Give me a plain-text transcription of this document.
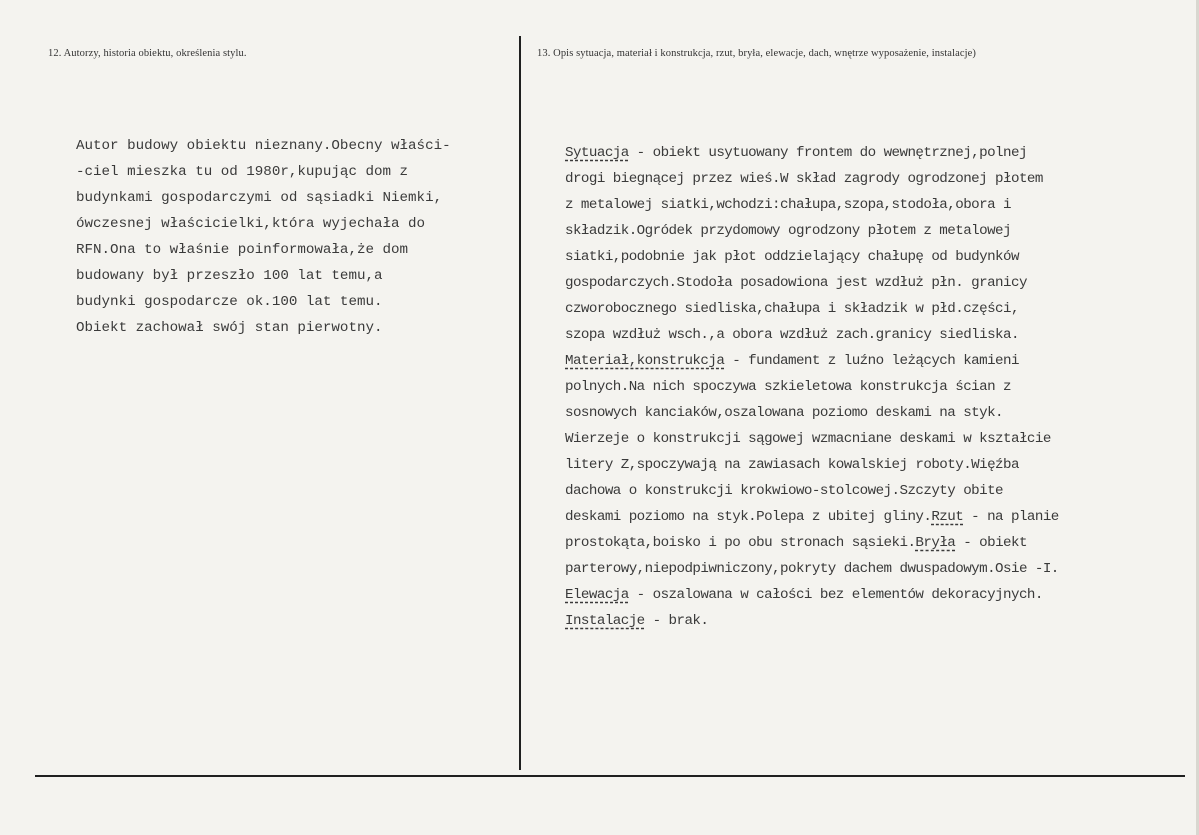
12. Autorzy, historia obiektu, określenia stylu.	13. Opis sytuacja, materiał i konstrukcja, rzut, bryła, elewacje, dach, wnętrze wyposażenie, instalacje)
Autor budowy obiektu nieznany.Obecny właści-
-ciel mieszka tu od 1980r,kupując dom z
budynkami gospodarczymi od sąsiadki Niemki,
ówczesnej właścicielki,która wyjechała do
RFN.Ona to właśnie poinformowała,że dom
budowany był przeszło 100 lat temu,a
budynki gospodarcze ok.100 lat temu.
Obiekt zachował swój stan pierwotny.
Sytuacja - obiekt usytuowany frontem do wewnętrznej,polnej
drogi biegnącej przez wieś.W skład zagrody ogrodzonej płotem
z metalowej siatki,wchodzi:chałupa,szopa,stodoła,obora i
składzik.Ogródek przydomowy ogrodzony płotem z metalowej
siatki,podobnie jak płot oddzielający chałupę od budynków
gospodarczych.Stodoła posadowiona jest wzdłuż płn. granicy
czworobocznego siedliska,chałupa i składzik w płd.części,
szopa wzdłuż wsch.,a obora wzdłuż zach.granicy siedliska.
Materiał,konstrukcja - fundament z luźno leżących kamieni
polnych.Na nich spoczywa szkieletowa konstrukcja ścian z
sosnowych kanciaków,oszalowana poziomo deskami na styk.
Wierzeje o konstrukcji sągowej wzmacniane deskami w kształcie
litery Z,spoczywają na zawiasach kowalskiej roboty.Więźba
dachowa o konstrukcji krokwiowo-stolcowej.Szczyty obite
deskami poziomo na styk.Polepa z ubitej gliny.Rzut - na planie
prostokąta,boisko i po obu stronach sąsieki.Bryła - obiekt
parterowy,niepodpiwniczony,pokryty dachem dwuspadowym.Osie -I.
Elewacja - oszalowana w całości bez elementów dekoracyjnych.
Instalacje - brak.
